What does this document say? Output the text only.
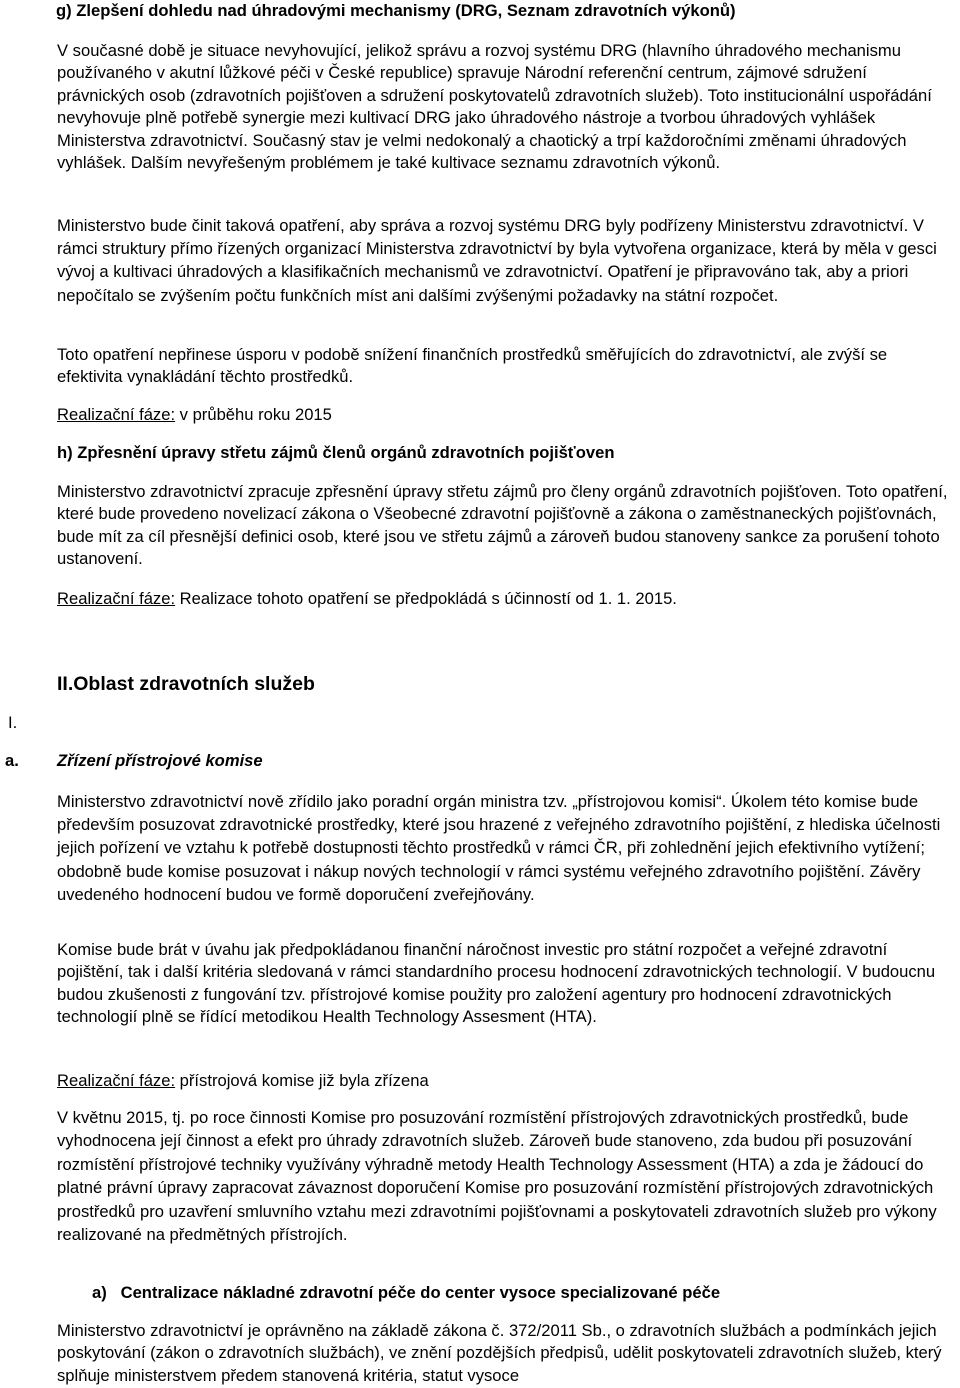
g) Zlepšení dohledu nad úhradovými mechanismy (DRG, Seznam zdravotních výkonů)

V současné době je situace nevyhovující, jelikož správu a rozvoj systému DRG (hlavního úhradového mechanismu používaného v akutní lůžkové péči v České republice) spravuje Národní referenční centrum, zájmové sdružení právnických osob (zdravotních pojišťoven a sdružení poskytovatelů zdravotních služeb). Toto institucionální uspořádání nevyhovuje plně potřebě synergie mezi kultivací DRG jako úhradového nástroje a tvorbou úhradových vyhlášek Ministerstva zdravotnictví. Současný stav je velmi nedokonalý a chaotický a trpí každoročními změnami úhradových vyhlášek. Dalším nevyřešeným problémem je také kultivace seznamu zdravotních výkonů.

Ministerstvo bude činit taková opatření, aby správa a rozvoj systému DRG byly podřízeny Ministerstvu zdravotnictví. V rámci struktury přímo řízených organizací Ministerstva zdravotnictví by byla vytvořena organizace, která by měla v gesci vývoj a kultivaci úhradových a klasifikačních mechanismů ve zdravotnictví. Opatření je připravováno tak, aby a priori nepočítalo se zvýšením počtu funkčních míst ani dalšími zvýšenými požadavky na státní rozpočet.

Toto opatření nepřinese úsporu v podobě snížení finančních prostředků směřujících do zdravotnictví, ale zvýší se efektivita vynakládání těchto prostředků.

Realizační fáze: v průběhu roku 2015

h) Zpřesnění úpravy střetu zájmů členů orgánů zdravotních pojišťoven

Ministerstvo zdravotnictví zpracuje zpřesnění úpravy střetu zájmů pro členy orgánů zdravotních pojišťoven. Toto opatření, které bude provedeno novelizací zákona o Všeobecné zdravotní pojišťovně a zákona o zaměstnaneckých pojišťovnách, bude mít za cíl přesnější definici osob, které jsou ve střetu zájmů a zároveň budou stanoveny sankce za porušení tohoto ustanovení.

Realizační fáze: Realizace tohoto opatření se předpokládá s účinností od 1. 1. 2015.

II.Oblast zdravotních služeb

I.

a.	Zřízení přístrojové komise

Ministerstvo zdravotnictví nově zřídilo jako poradní orgán ministra tzv. „přístrojovou komisi“. Úkolem této komise bude především posuzovat zdravotnické prostředky, které jsou hrazené z veřejného zdravotního pojištění, z hlediska účelnosti jejich pořízení ve vztahu k potřebě dostupnosti těchto prostředků v rámci ČR, při zohlednění jejich efektivního vytížení; obdobně bude komise posuzovat i nákup nových technologií v rámci systému veřejného zdravotního pojištění. Závěry uvedeného hodnocení budou ve formě doporučení zveřejňovány.

Komise bude brát v úvahu jak předpokládanou finanční náročnost investic pro státní rozpočet a veřejné zdravotní pojištění, tak i další kritéria sledovaná v rámci standardního procesu hodnocení zdravotnických technologií. V budoucnu budou zkušenosti z fungování tzv. přístrojové komise použity pro založení agentury pro hodnocení zdravotnických technologií plně se řídící metodikou Health Technology Assesment (HTA).

Realizační fáze: přístrojová komise již byla zřízena

V květnu 2015, tj. po roce činnosti Komise pro posuzování rozmístění přístrojových zdravotnických prostředků, bude vyhodnocena její činnost a efekt pro úhrady zdravotních služeb. Zároveň bude stanoveno, zda budou při posuzování rozmístění přístrojové techniky využívány výhradně metody Health Technology Assessment (HTA) a zda je žádoucí do platné právní úpravy zapracovat závaznost doporučení Komise pro posuzování rozmístění přístrojových zdravotnických prostředků pro uzavření smluvního vztahu mezi zdravotními pojišťovnami a poskytovateli zdravotních služeb pro výkony realizované na předmětných přístrojích.

a)   Centralizace nákladné zdravotní péče do center vysoce specializované péče

Ministerstvo zdravotnictví je oprávněno na základě zákona č. 372/2011 Sb., o zdravotních službách a podmínkách jejich poskytování (zákon o zdravotních službách), ve znění pozdějších předpisů, udělit poskytovateli zdravotních služeb, který splňuje ministerstvem předem stanovená kritéria, statut vysoce
